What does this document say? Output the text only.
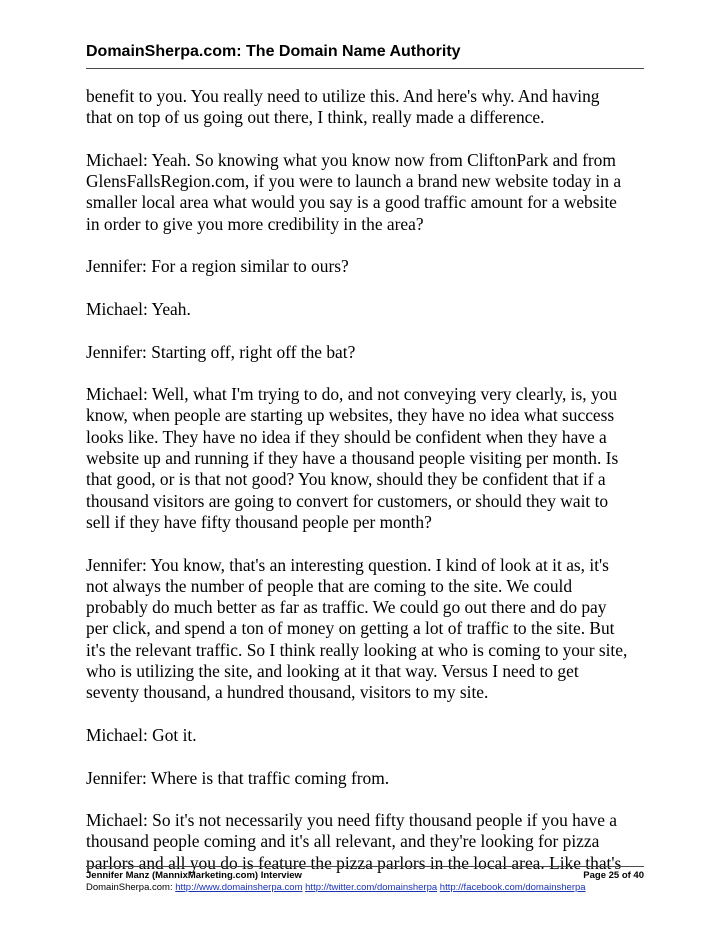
DomainSherpa.com: The Domain Name Authority

benefit to you. You really need to utilize this. And here's why. And having
that on top of us going out there, I think, really made a difference.

Michael: Yeah. So knowing what you know now from CliftonPark and from
GlensFallsRegion.com, if you were to launch a brand new website today in a
smaller local area what would you say is a good traffic amount for a website
in order to give you more credibility in the area?

Jennifer: For a region similar to ours?

Michael: Yeah.

Jennifer: Starting off, right off the bat?

Michael: Well, what I'm trying to do, and not conveying very clearly, is, you
know, when people are starting up websites, they have no idea what success
looks like. They have no idea if they should be confident when they have a
website up and running if they have a thousand people visiting per month. Is
that good, or is that not good? You know, should they be confident that if a
thousand visitors are going to convert for customers, or should they wait to
sell if they have fifty thousand people per month?

Jennifer: You know, that's an interesting question. I kind of look at it as, it's
not always the number of people that are coming to the site. We could
probably do much better as far as traffic. We could go out there and do pay
per click, and spend a ton of money on getting a lot of traffic to the site. But
it's the relevant traffic. So I think really looking at who is coming to your site,
who is utilizing the site, and looking at it that way. Versus I need to get
seventy thousand, a hundred thousand, visitors to my site.

Michael: Got it.

Jennifer: Where is that traffic coming from.

Michael: So it's not necessarily you need fifty thousand people if you have a
thousand people coming and it's all relevant, and they're looking for pizza
parlors and all you do is feature the pizza parlors in the local area. Like that's

Jennifer Manz (MannixMarketing.com) Interview	Page 25 of 40
DomainSherpa.com: http://www.domainsherpa.com http://twitter.com/domainsherpa http://facebook.com/domainsherpa
